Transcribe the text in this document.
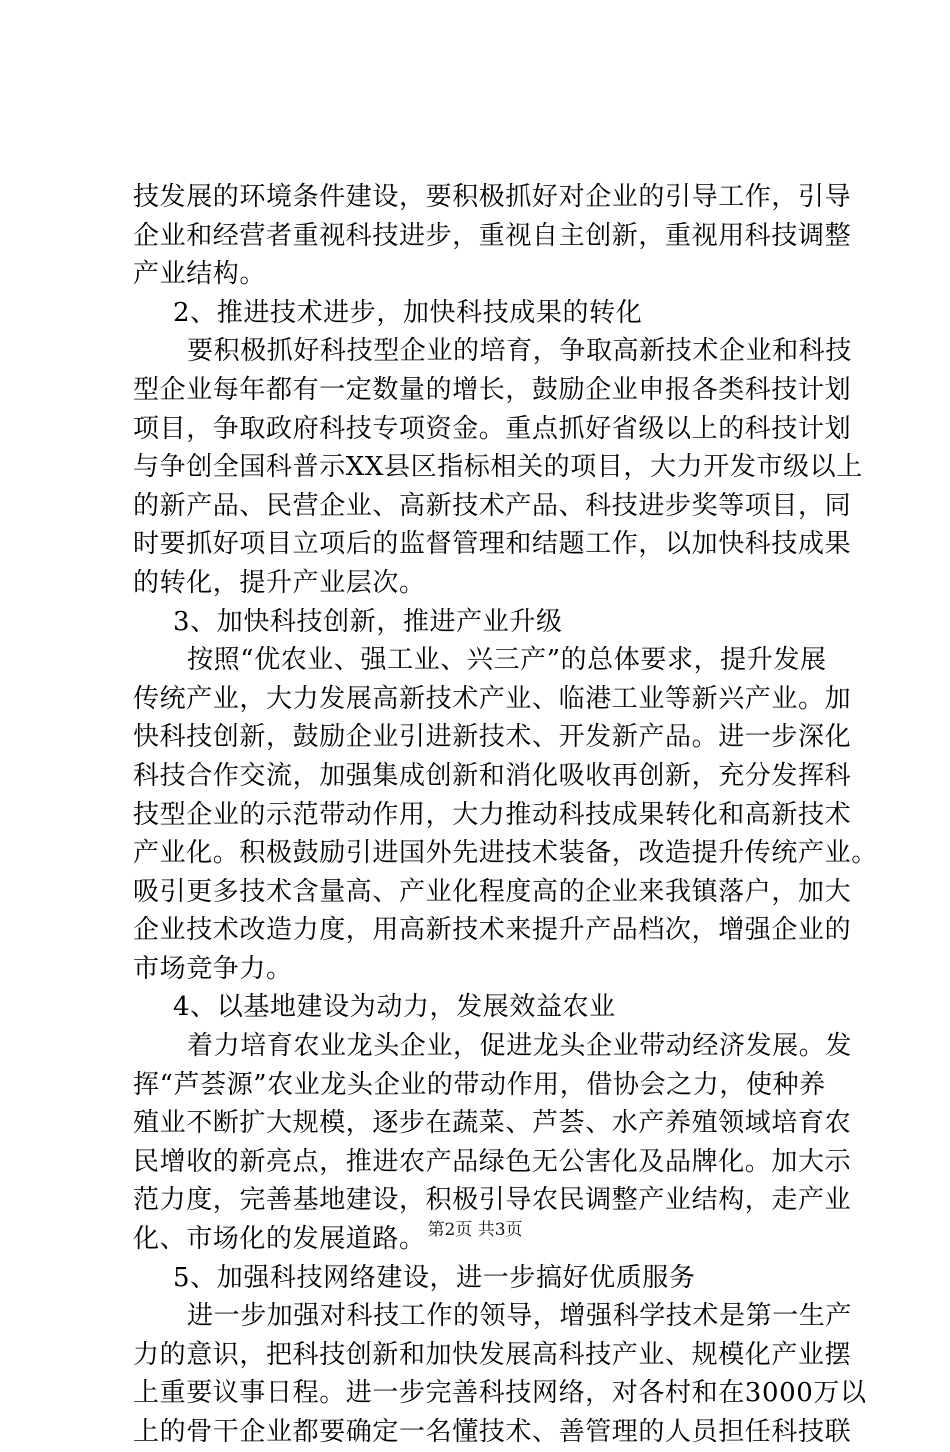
技发展的环境条件建设，要积极抓好对企业的引导工作，引导
企业和经营者重视科技进步，重视自主创新，重视用科技调整
产业结构。
2、推进技术进步，加快科技成果的转化
要积极抓好科技型企业的培育，争取高新技术企业和科技
型企业每年都有一定数量的增长，鼓励企业申报各类科技计划
项目，争取政府科技专项资金。重点抓好省级以上的科技计划
与争创全国科普示XX县区指标相关的项目，大力开发市级以上
的新产品、民营企业、高新技术产品、科技进步奖等项目，同
时要抓好项目立项后的监督管理和结题工作，以加快科技成果
的转化，提升产业层次。
3、加快科技创新，推进产业升级
按照“优农业、强工业、兴三产”的总体要求，提升发展
传统产业，大力发展高新技术产业、临港工业等新兴产业。加
快科技创新，鼓励企业引进新技术、开发新产品。进一步深化
科技合作交流，加强集成创新和消化吸收再创新，充分发挥科
技型企业的示范带动作用，大力推动科技成果转化和高新技术
产业化。积极鼓励引进国外先进技术装备，改造提升传统产业。
吸引更多技术含量高、产业化程度高的企业来我镇落户，加大
企业技术改造力度，用高新技术来提升产品档次，增强企业的
市场竞争力。
4、以基地建设为动力，发展效益农业
着力培育农业龙头企业，促进龙头企业带动经济发展。发
挥“芦荟源”农业龙头企业的带动作用，借协会之力，使种养
殖业不断扩大规模，逐步在蔬菜、芦荟、水产养殖领域培育农
民增收的新亮点，推进农产品绿色无公害化及品牌化。加大示
范力度，完善基地建设，积极引导农民调整产业结构，走产业
化、市场化的发展道路。
5、加强科技网络建设，进一步搞好优质服务
进一步加强对科技工作的领导，增强科学技术是第一生产
力的意识，把科技创新和加快发展高科技产业、规模化产业摆
上重要议事日程。进一步完善科技网络，对各村和在3000万以
上的骨干企业都要确定一名懂技术、善管理的人员担任科技联
第2页 共3页
